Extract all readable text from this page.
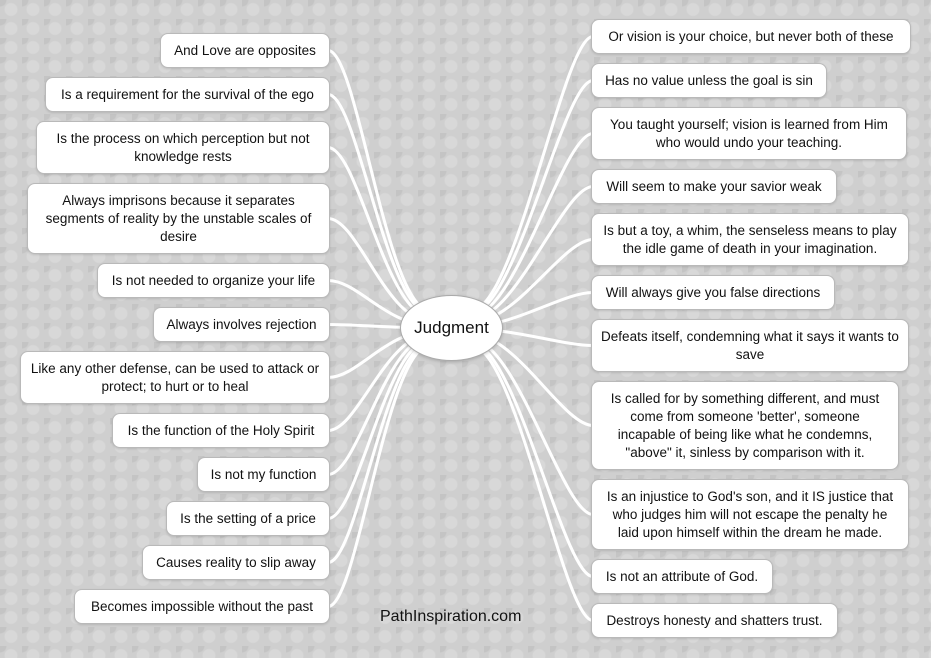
Judgment
And Love are opposites
Is a requirement for the survival of the ego
Is the process on which perception but not knowledge rests
Always imprisons because it separates segments of reality by the unstable scales of desire
Is not needed to organize your life
Always involves rejection
Like any other defense, can be used to attack or protect; to hurt or to heal
Is the function of the Holy Spirit
Is not my function
Is the setting of a price
Causes reality to slip away
Becomes impossible without the past
Or vision is your choice, but never both of these
Has no value unless the goal is sin
You taught yourself; vision is learned from Him who would undo your teaching.
Will seem to make your savior weak
Is but a toy, a whim, the senseless means to play the idle game of death in your imagination.
Will always give you false directions
Defeats itself, condemning what it says it wants to save
Is called for by something different, and must come from someone 'better', someone incapable of being like what he condemns, "above" it, sinless by comparison with it.
Is an injustice to God's son, and it IS justice that who judges him will not escape the penalty he laid upon himself within the dream he made.
Is not an attribute of God.
Destroys honesty and shatters trust.
PathInspiration.com
